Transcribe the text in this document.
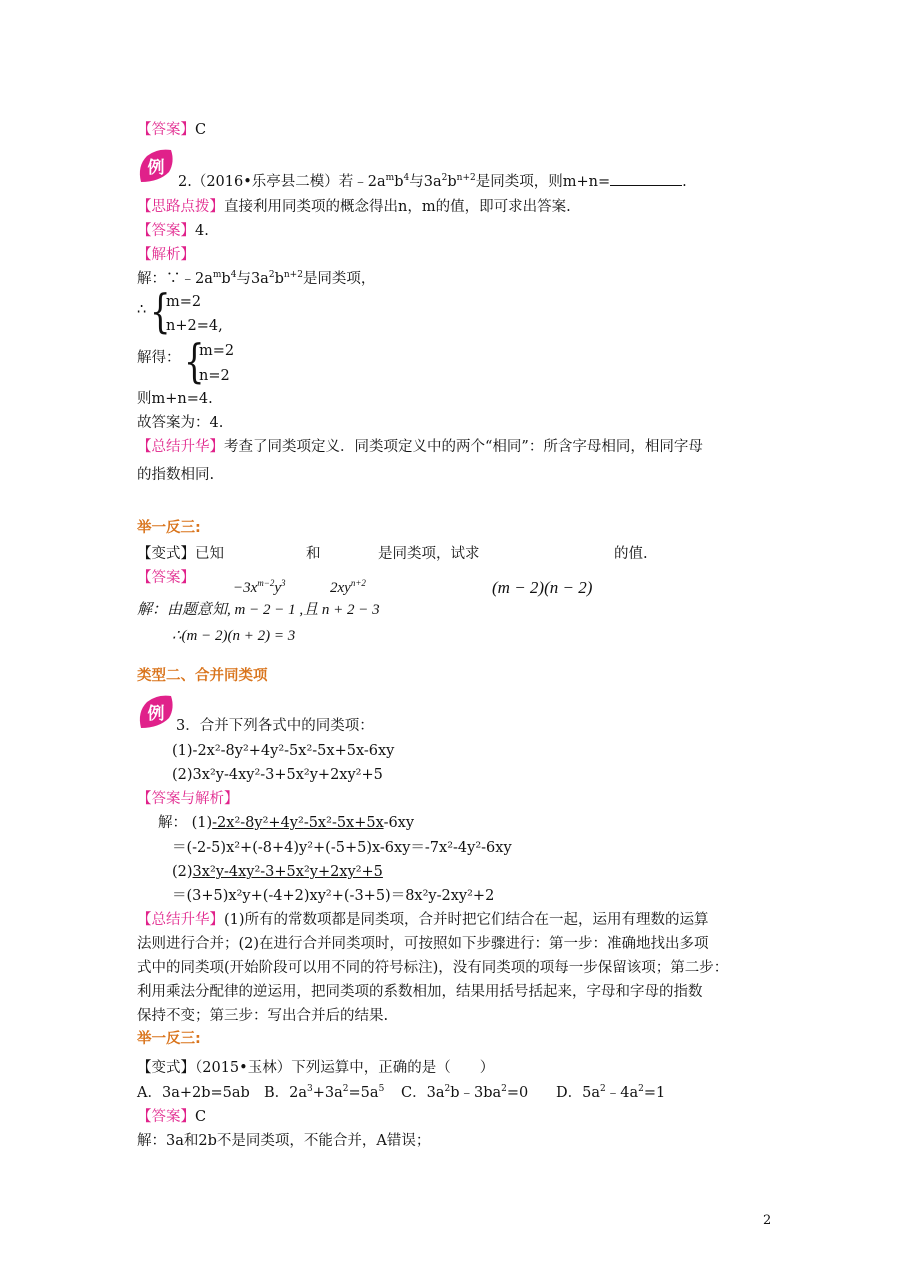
【答案】C
例
2.（2016•乐亭县二模）若$﹣2a^mb^4$与$3a^2b^{n+2}$是同类项，则m+n=	.
【思路点拨】直接利用同类项的概念得出n，m的值，即可求出答案.
【答案】4.
【解析】
解：$\because﹣2a^mb^4$与$3a^2b^{n+2}$是同类项，
∴ {
m=2
n+2=4,
解得： {
m=2
n=2
则m+n=4.
故答案为：4.
【总结升华】考查了同类项定义．同类项定义中的两个“相同”：所含字母相同，相同字母
的指数相同.
举一反三:
【变式】已知	和	是同类项，试求	的值.
【答案】
$-3x^{m-2}y^3$	$2xy^{n+2}$	(m − 2)(n − 2)
解：由题意知, m − 2 − 1 ,且 n + 2 − 3
∴(m − 2)(n + 2) = 3
类型二、合并同类项
例
3．合并下列各式中的同类项：
(1)-2x²-8y²+4y²-5x²-5x+5x-6xy
(2)3x²y-4xy²-3+5x²y+2xy²+5
【答案与解析】
解： (1)-2x²-8y²+4y²-5x²-5x+5x-6xy
＝(-2-5)x²+(-8+4)y²+(-5+5)x-6xy＝-7x²-4y²-6xy
(2)3x²y-4xy²-3+5x²y+2xy²+5
＝(3+5)x²y+(-4+2)xy²+(-3+5)＝8x²y-2xy²+2
【总结升华】(1)所有的常数项都是同类项，合并时把它们结合在一起，运用有理数的运算
法则进行合并；(2)在进行合并同类项时，可按照如下步骤进行：第一步：准确地找出多项
式中的同类项(开始阶段可以用不同的符号标注)，没有同类项的项每一步保留该项；第二步：
利用乘法分配律的逆运用，把同类项的系数相加，结果用括号括起来，字母和字母的指数
保持不变；第三步：写出合并后的结果.
举一反三:
【变式】（2015•玉林）下列运算中，正确的是（　　）
A．3a+2b=5ab B．$2a^3+3a^2=5a^5$ C．$3a^2b﹣3ba^2=0$ D．$5a^2﹣4a^2=1$
【答案】C
解：3a和2b不是同类项，不能合并，A错误；
2
